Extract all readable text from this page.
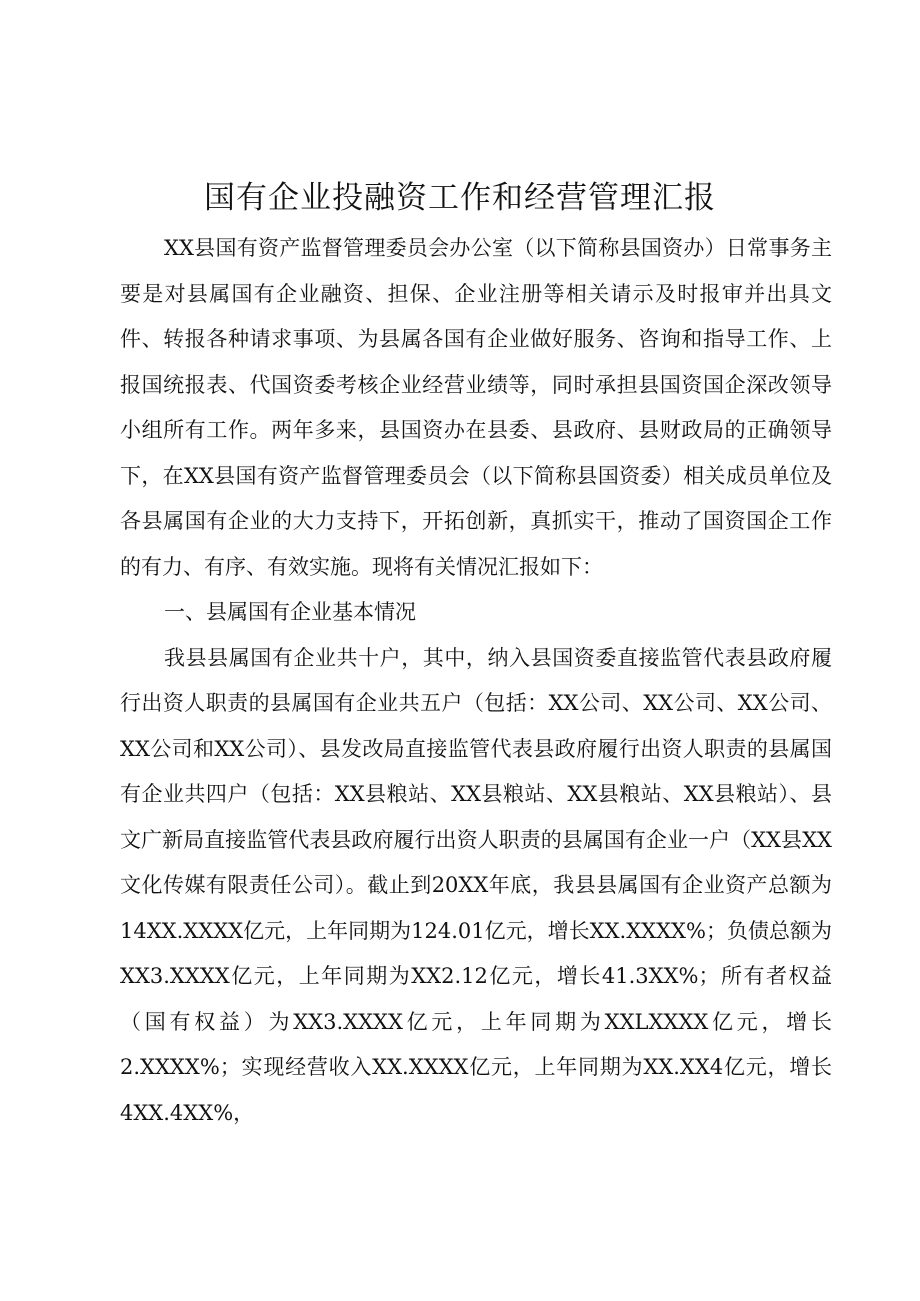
国有企业投融资工作和经营管理汇报

XX县国有资产监督管理委员会办公室（以下简称县国资办）日常事务主要是对县属国有企业融资、担保、企业注册等相关请示及时报审并出具文件、转报各种请求事项、为县属各国有企业做好服务、咨询和指导工作、上报国统报表、代国资委考核企业经营业绩等，同时承担县国资国企深改领导小组所有工作。两年多来，县国资办在县委、县政府、县财政局的正确领导下，在XX县国有资产监督管理委员会（以下简称县国资委）相关成员单位及各县属国有企业的大力支持下，开拓创新，真抓实干，推动了国资国企工作的有力、有序、有效实施。现将有关情况汇报如下：

一、县属国有企业基本情况

我县县属国有企业共十户，其中，纳入县国资委直接监管代表县政府履行出资人职责的县属国有企业共五户（包括：XX公司、XX公司、XX公司、XX公司和XX公司）、县发改局直接监管代表县政府履行出资人职责的县属国有企业共四户（包括：XX县粮站、XX县粮站、XX县粮站、XX县粮站）、县文广新局直接监管代表县政府履行出资人职责的县属国有企业一户（XX县XX文化传媒有限责任公司）。截止到20XX年底，我县县属国有企业资产总额为14XX.XXXX亿元，上年同期为124.01亿元，增长XX.XXXX%；负债总额为XX3.XXXX亿元，上年同期为XX2.12亿元，增长41.3XX%；所有者权益（国有权益）为XX3.XXXX亿元，上年同期为XXLXXXX亿元，增长2.XXXX%；实现经营收入XX.XXXX亿元，上年同期为XX.XX4亿元，增长4XX.4XX%，
